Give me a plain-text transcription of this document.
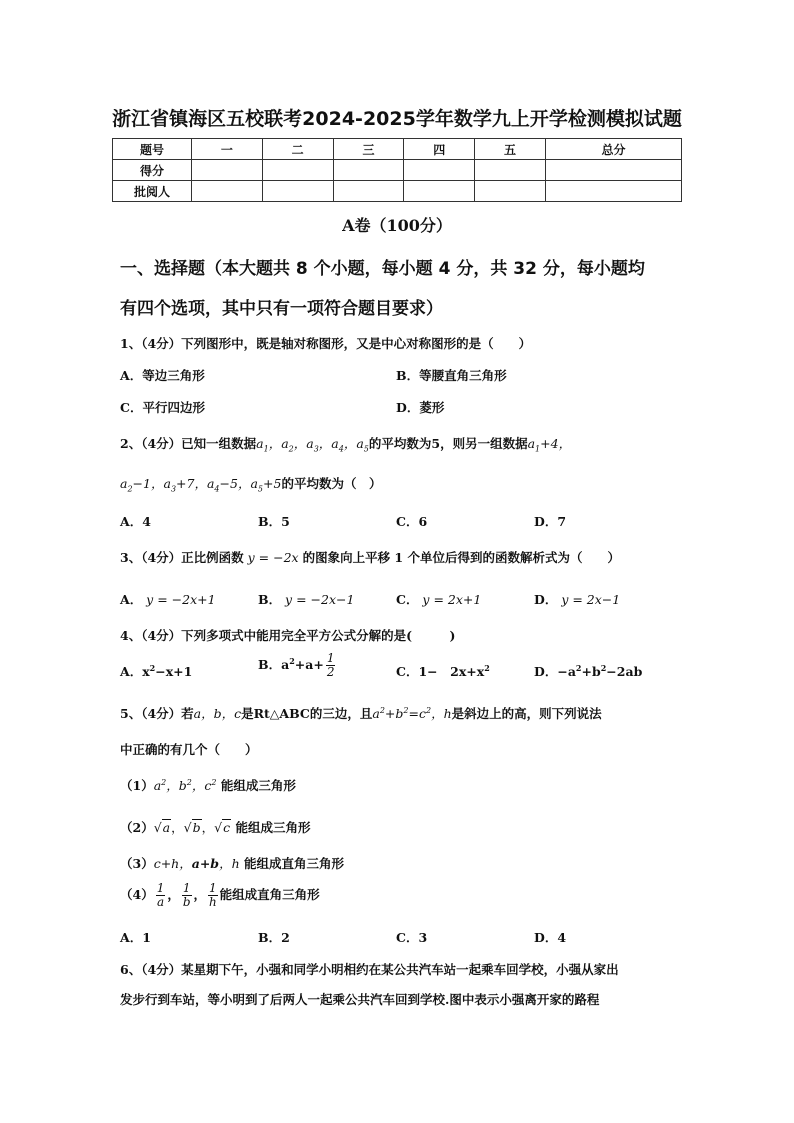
浙江省镇海区五校联考2024-2025学年数学九上开学检测模拟试题
题号	一	二	三	四	五	总分
得分						
批阅人						
A卷（100分）
一、选择题（本大题共 8 个小题，每小题 4 分，共 32 分，每小题均
有四个选项，其中只有一项符合题目要求）
1、（4分）下列图形中，既是轴对称图形，又是中心对称图形的是（　　）
A．等边三角形	B．等腰直角三角形
C．平行四边形	D．菱形
2、（4分）已知一组数据$a_1$，$a_2$，$a_3$，$a_4$，$a_5$的平均数为5，则另一组数据$a_1+4$，
$a_2-1$，$a_3+7$，$a_4-5$，$a_5+5$的平均数为（　）
A．4	B．5	C．6	D．7
3、（4分）正比例函数 y = −2x 的图象向上平移 1 个单位后得到的函数解析式为（　　）
A． y = −2x+1	B． y = −2x−1	C． y = 2x+1	D． y = 2x−1
4、（4分）下列多项式中能用完全平方公式分解的是(　　　)
A．$x^2-x+1$	B．$a^2+a+ \frac{1}{2}$	C．1−　$2x+x^2$	D．$-a^2+b^2-2ab$
5、（4分）若a，b，c是Rt△ABC的三边，且$a^2+b^2=c^2$，h是斜边上的高，则下列说法
中正确的有几个（　　）
$(1)a^2$，$b^2$，$c^2$ 能组成三角形
（2）√a，√b，√c 能组成三角形
（3）c+h，a+b，h 能组成直角三角形
$(4) \frac{1}{a}$ ， $\frac{1}{b}$ ， $\frac{1}{h}$ 能组成直角三角形
A．1	B．2	C．3	D．4
6、（4分）某星期下午，小强和同学小明相约在某公共汽车站一起乘车回学校，小强从家出
发步行到车站，等小明到了后两人一起乘公共汽车回到学校.图中表示小强离开家的路程
